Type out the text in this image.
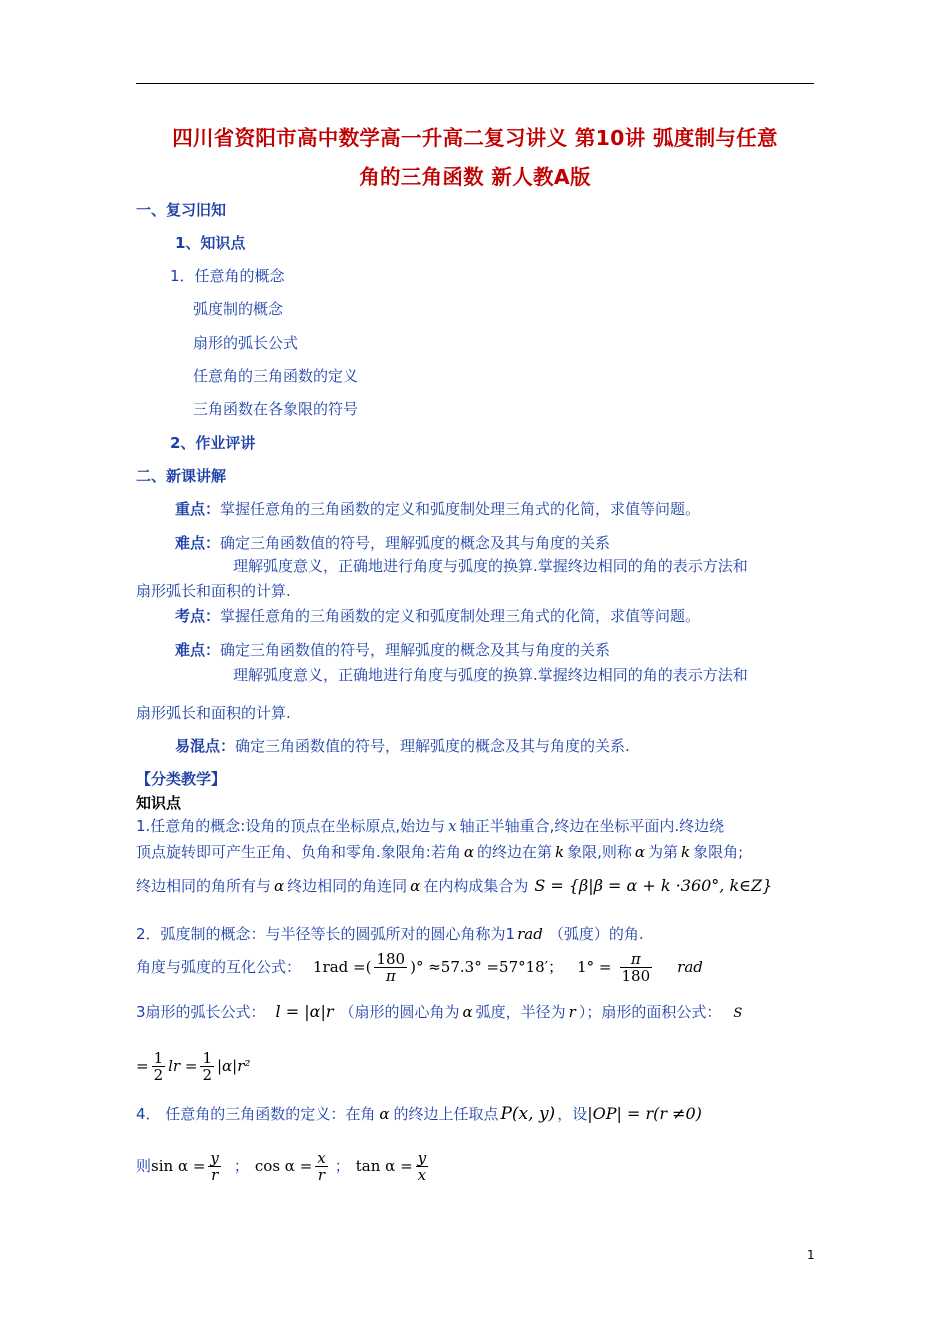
四川省资阳市高中数学高一升高二复习讲义 第10讲 弧度制与任意
角的三角函数 新人教A版
一、复习旧知
1、知识点
1．任意角的概念
弧度制的概念
扇形的弧长公式
任意角的三角函数的定义
三角函数在各象限的符号
2、作业评讲
二、新课讲解
重点：掌握任意角的三角函数的定义和弧度制处理三角式的化简，求值等问题。
难点：确定三角函数值的符号，理解弧度的概念及其与角度的关系
理解弧度意义，正确地进行角度与弧度的换算.掌握终边相同的角的表示方法和
扇形弧长和面积的计算.
考点：掌握任意角的三角函数的定义和弧度制处理三角式的化简，求值等问题。
难点：确定三角函数值的符号，理解弧度的概念及其与角度的关系
理解弧度意义，正确地进行角度与弧度的换算.掌握终边相同的角的表示方法和
扇形弧长和面积的计算.
易混点：确定三角函数值的符号，理解弧度的概念及其与角度的关系.
【分类教学】
知识点
1.任意角的概念:设角的顶点在坐标原点,始边与 x 轴正半轴重合,终边在坐标平面内.终边绕
顶点旋转即可产生正角、负角和零角.象限角:若角 α 的终边在第 k 象限,则称 α 为第 k 象限角;
终边相同的角所有与 α 终边相同的角连同 α 在内构成集合为 S = {β|β = α + k ·360°, k∈Z}
2．弧度制的概念：与半径等长的圆弧所对的圆心角称为1 rad （弧度）的角.
角度与弧度的互化公式： 1rad =( $\frac{180}{\pi}$ )° ≈57.3° =57°18′； $1^\circ = \frac{\pi}{180}$ rad
3扇形的弧长公式： l = |α|r （扇形的圆心角为 α 弧度，半径为 r ）；扇形的面积公式： S
= $\frac{1}{2}$ lr = $\frac{1}{2} |\alpha|r^2$
4． 任意角的三角函数的定义：在角 α 的终边上任取点 P(x, y) ，设|OP| = r(r ≠0)
则$\sin \alpha = \frac{y}{r}$ ； $\cos \alpha = \frac{x}{r}$ ； $\tan \alpha = \frac{y}{x}$
1
